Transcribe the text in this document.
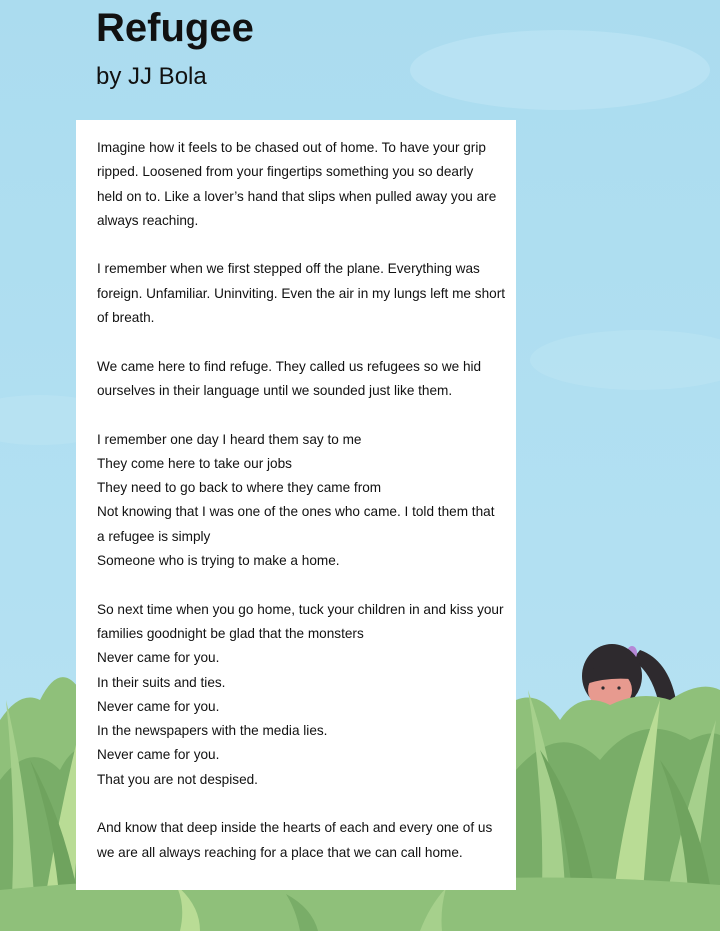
Refugee
by JJ Bola
Imagine how it feels to be chased out of home. To have your grip
ripped. Loosened from your fingertips something you so dearly
held on to. Like a lover’s hand that slips when pulled away you are
always reaching.
I remember when we first stepped off the plane. Everything was
foreign. Unfamiliar. Uninviting. Even the air in my lungs left me short
of breath.
We came here to find refuge. They called us refugees so we hid
ourselves in their language until we sounded just like them.
I remember one day I heard them say to me
They come here to take our jobs
They need to go back to where they came from
Not knowing that I was one of the ones who came. I told them that
a refugee is simply
Someone who is trying to make a home.
So next time when you go home, tuck your children in and kiss your
families goodnight be glad that the monsters
Never came for you.
In their suits and ties.
Never came for you.
In the newspapers with the media lies.
Never came for you.
That you are not despised.
And know that deep inside the hearts of each and every one of us
we are all always reaching for a place that we can call home.
